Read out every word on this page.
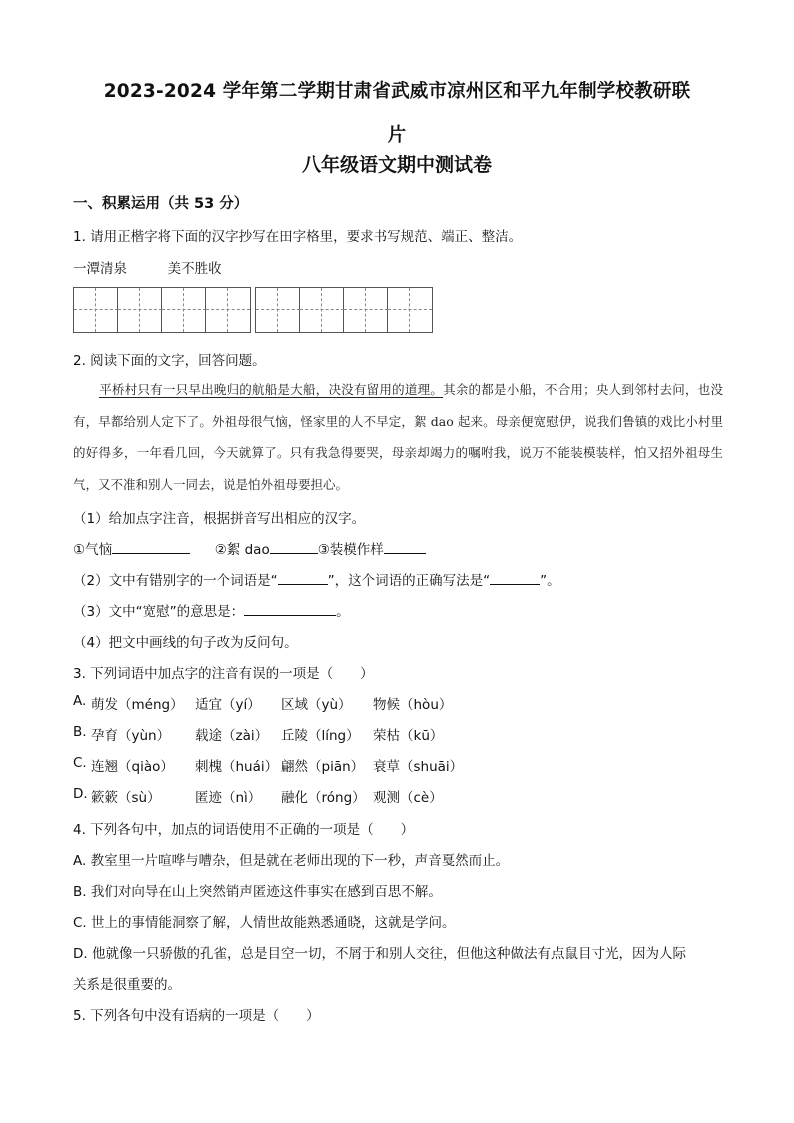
2023-2024 学年第二学期甘肃省武威市凉州区和平九年制学校教研联
片
八年级语文期中测试卷
一、积累运用（共 53 分）
1. 请用正楷字将下面的汉字抄写在田字格里，要求书写规范、端正、整洁。
一潭清泉	美不胜收
2. 阅读下面的文字，回答问题。
平桥村只有一只早出晚归的航船是大船，决没有留用的道理。其余的都是小船，不合用；央人到邻村去问，也没有，早都给别人定下了。外祖母很气恼，怪家里的人不早定，絮 dao 起来。母亲便宽慰伊，说我们鲁镇的戏比小村里的好得多，一年看几回，今天就算了。只有我急得要哭，母亲却竭力的嘱咐我，说万不能装模装样，怕又招外祖母生气，又不准和别人一同去，说是怕外祖母要担心。
（1）给加点字注音，根据拼音写出相应的汉字。
①气恼	②絮 dao	③装模作样
（2）文中有错别字的一个词语是“	”，这个词语的正确写法是“	”。
（3）文中“宽慰”的意思是：	。
（4）把文中画线的句子改为反问句。
3. 下列词语中加点字的注音有误的一项是（　　）
A. 萌发（méng） 适宜（yí） 区域（yù） 物候（hòu）
B. 孕育（yùn） 载途（zài） 丘陵（líng） 荣枯（kū）
C. 连翘（qiào） 刺槐（huái） 翩然（piān） 衰草（shuāi）
D. 簌簌（sù）	匿迹（nì） 融化（róng） 观测（cè）
4. 下列各句中，加点的词语使用不正确的一项是（　　）
A. 教室里一片喧哗与嘈杂，但是就在老师出现的下一秒，声音戛然而止。
B. 我们对向导在山上突然销声匿迹这件事实在感到百思不解。
C. 世上的事情能洞察了解，人情世故能熟悉通晓，这就是学问。
D. 他就像一只骄傲的孔雀，总是目空一切，不屑于和别人交往，但他这种做法有点鼠目寸光，因为人际
关系是很重要的。
5. 下列各句中没有语病的一项是（　　）
